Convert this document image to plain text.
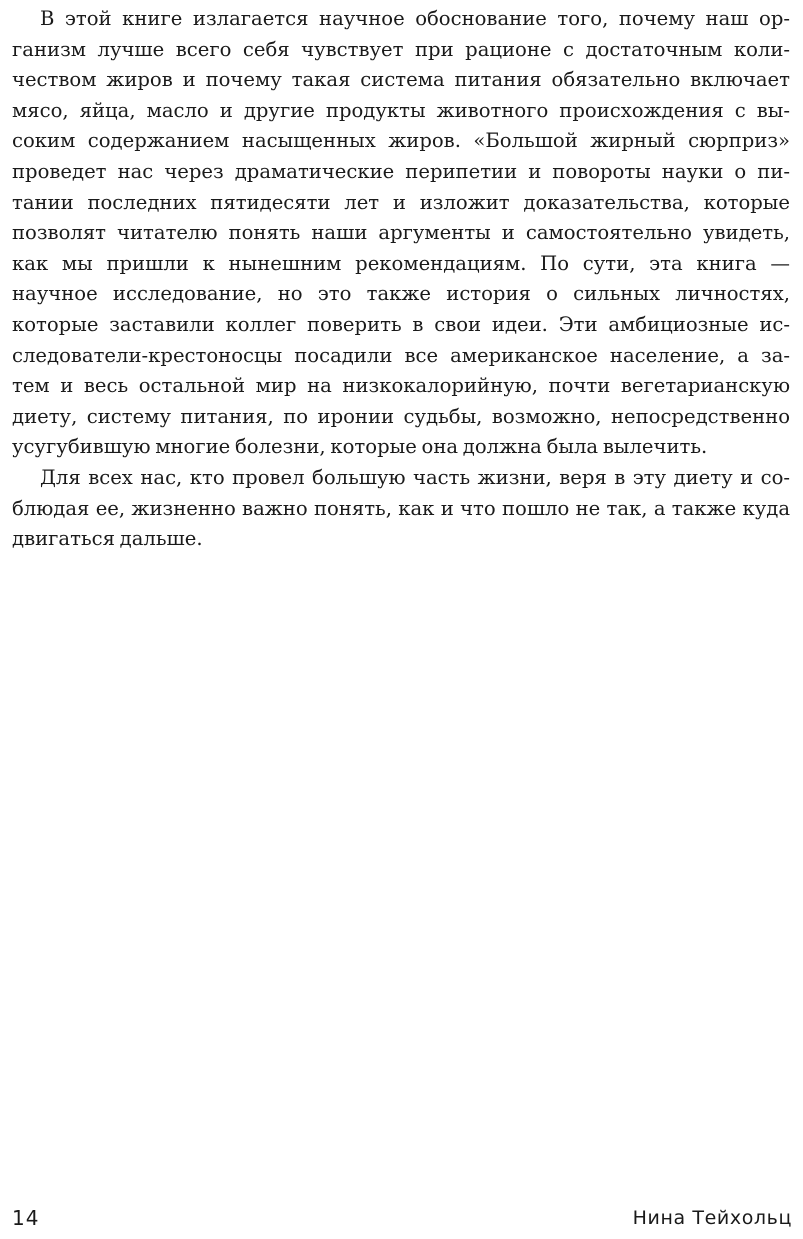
В этой книге излагается научное обоснование того, почему наш ор-
ганизм лучше всего себя чувствует при рационе с достаточным коли-
чеством жиров и почему такая система питания обязательно включает
мясо, яйца, масло и другие продукты животного происхождения с вы-
соким содержанием насыщенных жиров. «Большой жирный сюрприз»
проведет нас через драматические перипетии и повороты науки о пи-
тании последних пятидесяти лет и изложит доказательства, которые
позволят читателю понять наши аргументы и самостоятельно увидеть,
как мы пришли к нынешним рекомендациям. По сути, эта книга —
научное исследование, но это также история о сильных личностях,
которые заставили коллег поверить в свои идеи. Эти амбициозные ис-
следователи-крестоносцы посадили все американское население, а за-
тем и весь остальной мир на низкокалорийную, почти вегетарианскую
диету, систему питания, по иронии судьбы, возможно, непосредственно
усугубившую многие болезни, которые она должна была вылечить.
Для всех нас, кто провел большую часть жизни, веря в эту диету и со-
блюдая ее, жизненно важно понять, как и что пошло не так, а также куда
двигаться дальше.
14	Нина Тейхольц
